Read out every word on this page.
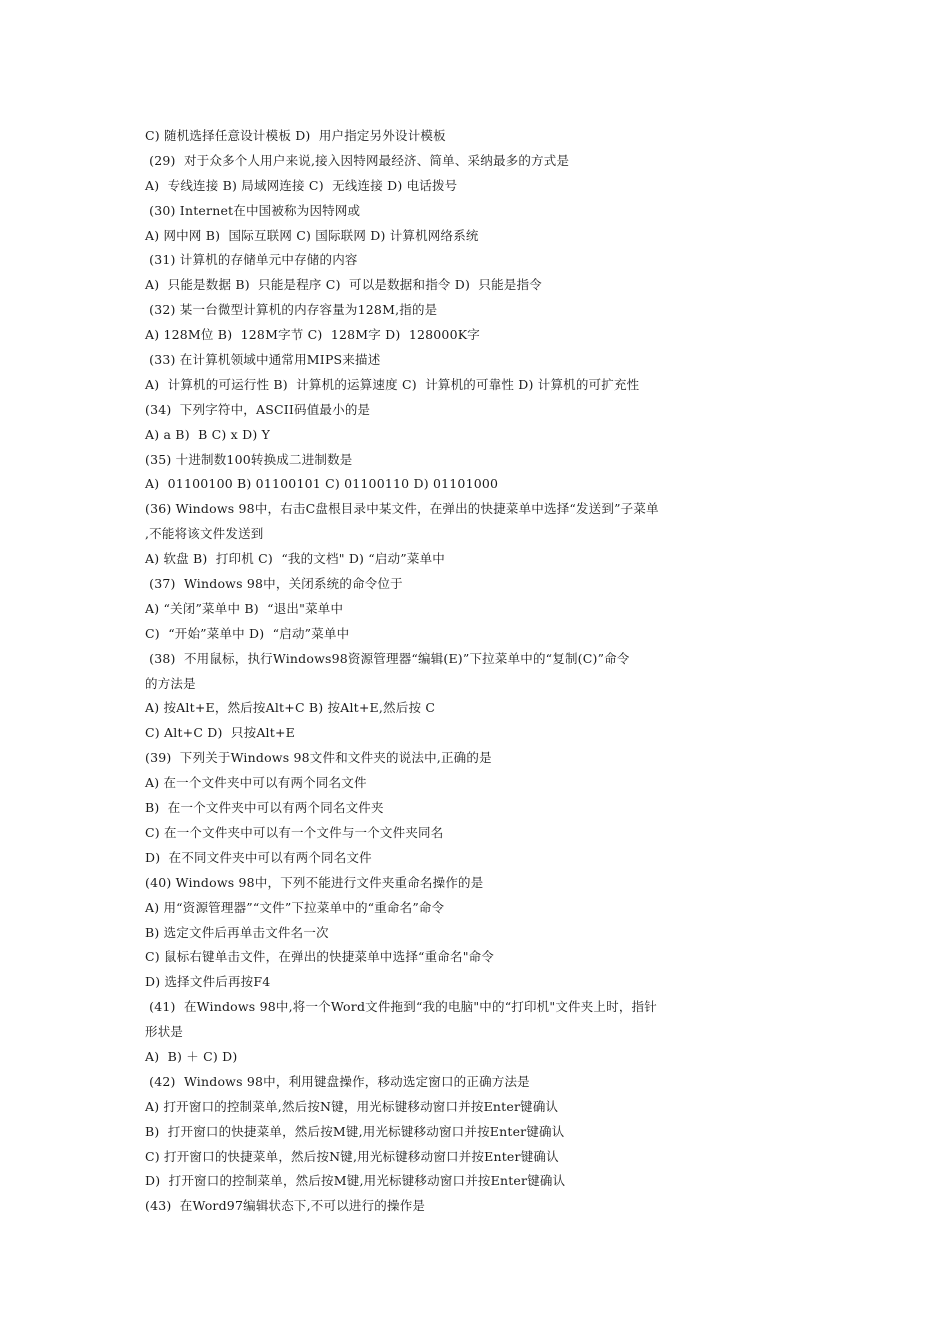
C) 随机选择任意设计模板 D)  用户指定另外设计模板
(29)  对于众多个人用户来说,接入因特网最经济、简单、采纳最多的方式是
A)  专线连接 B) 局域网连接 C)  无线连接 D) 电话拨号
(30) Internet在中国被称为因特网或
A) 网中网 B)  国际互联网 C) 国际联网 D) 计算机网络系统
(31) 计算机的存储单元中存储的内容
A)  只能是数据 B)  只能是程序 C)  可以是数据和指令 D)  只能是指令
(32) 某一台微型计算机的内存容量为128M,指的是
A) 128M位 B)  128M字节 C)  128M字 D)  128000K字
(33) 在计算机领域中通常用MIPS来描述
A)  计算机的可运行性 B)  计算机的运算速度 C)  计算机的可靠性 D) 计算机的可扩充性
(34)  下列字符中，ASCII码值最小的是
A) a B)  B C) x D) Y
(35) 十进制数100转换成二进制数是
A)  01100100 B) 01100101 C) 01100110 D) 01101000
(36) Windows 98中，右击C盘根目录中某文件，在弹出的快捷菜单中选择“发送到”子菜单
,不能将该文件发送到
A) 软盘 B)  打印机 C)  “我的文档" D) “启动”菜单中
(37)  Windows 98中，关闭系统的命令位于
A) “关闭”菜单中 B)  “退出"菜单中
C)  “开始”菜单中 D)  “启动”菜单中
(38)  不用鼠标，执行Windows98资源管理器“编辑(E)”下拉菜单中的“复制(C)”命令
的方法是
A) 按Alt+E，然后按Alt+C B) 按Alt+E,然后按 C
C) Alt+C D)  只按Alt+E
(39)  下列关于Windows 98文件和文件夹的说法中,正确的是
A) 在一个文件夹中可以有两个同名文件
B)  在一个文件夹中可以有两个同名文件夹
C) 在一个文件夹中可以有一个文件与一个文件夹同名
D)  在不同文件夹中可以有两个同名文件
(40) Windows 98中，下列不能进行文件夹重命名操作的是
A) 用“资源管理器”“文件”下拉菜单中的“重命名”命令
B) 选定文件后再单击文件名一次
C) 鼠标右键单击文件，在弹出的快捷菜单中选择“重命名"命令
D) 选择文件后再按F4
(41)  在Windows 98中,将一个Word文件拖到“我的电脑"中的“打印机"文件夹上时，指针
形状是
A)  B) ＋ C) D)
(42)  Windows 98中，利用键盘操作，移动选定窗口的正确方法是
A) 打开窗口的控制菜单,然后按N键，用光标键移动窗口并按Enter键确认
B)  打开窗口的快捷菜单，然后按M键,用光标键移动窗口并按Enter键确认
C) 打开窗口的快捷菜单，然后按N键,用光标键移动窗口并按Enter键确认
D)  打开窗口的控制菜单，然后按M键,用光标键移动窗口并按Enter键确认
(43)  在Word97编辑状态下,不可以进行的操作是
